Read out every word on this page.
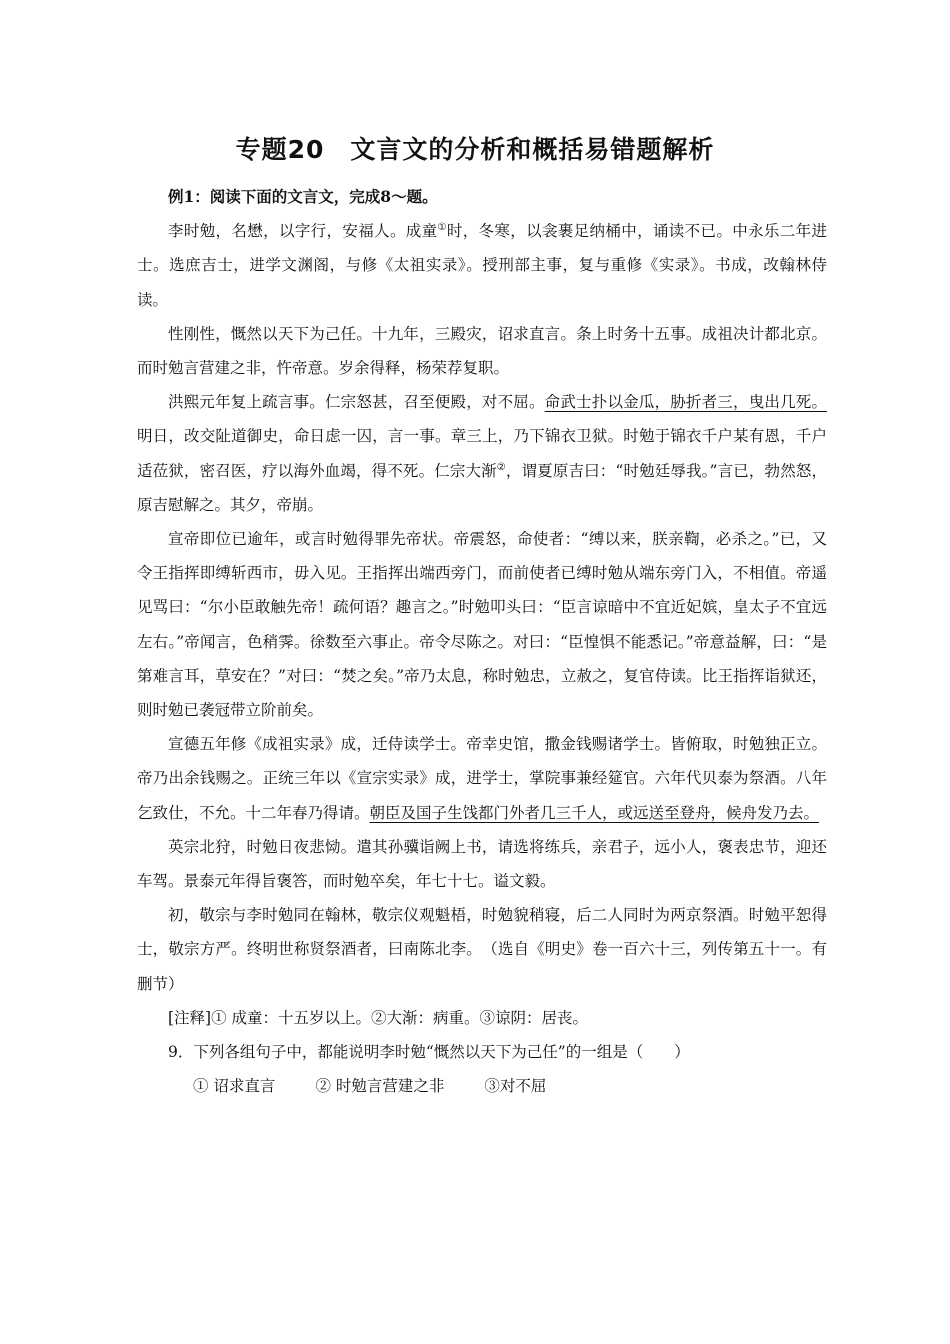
专题20　文言文的分析和概括易错题解析

例1：阅读下面的文言文，完成8～题。

李时勉，名懋，以字行，安福人。成童①时，冬寒，以衾裹足纳桶中，诵读不已。中永乐二年进士。选庶吉士，进学文渊阁，与修《太祖实录》。授刑部主事，复与重修《实录》。书成，改翰林侍读。

性刚性，慨然以天下为己任。十九年，三殿灾，诏求直言。条上时务十五事。成祖决计都北京。而时勉言营建之非，忤帝意。岁余得释，杨荣荐复职。

洪熙元年复上疏言事。仁宗怒甚，召至便殿，对不屈。命武士扑以金瓜，胁折者三，曳出几死。明日，改交阯道御史，命日虑一囚，言一事。章三上，乃下锦衣卫狱。时勉于锦衣千户某有恩，千户适莅狱，密召医，疗以海外血竭，得不死。仁宗大渐②，谓夏原吉曰：“时勉廷辱我。”言已，勃然怒，原吉慰解之。其夕，帝崩。

宣帝即位已逾年，或言时勉得罪先帝状。帝震怒，命使者：“缚以来，朕亲鞫，必杀之。”已，又令王指挥即缚斩西市，毋入见。王指挥出端西旁门，而前使者已缚时勉从端东旁门入，不相值。帝遥见骂曰：“尔小臣敢触先帝！疏何语？趣言之。”时勉叩头曰：“臣言谅暗中不宜近妃嫔，皇太子不宜远左右。”帝闻言，色稍霁。徐数至六事止。帝令尽陈之。对曰：“臣惶惧不能悉记。”帝意益解，曰：“是第难言耳，草安在？”对曰：“焚之矣。”帝乃太息，称时勉忠，立赦之，复官侍读。比王指挥诣狱还，则时勉已袭冠带立阶前矣。

宣德五年修《成祖实录》成，迁侍读学士。帝幸史馆，撒金钱赐诸学士。皆俯取，时勉独正立。帝乃出余钱赐之。正统三年以《宣宗实录》成，进学士，掌院事兼经筵官。六年代贝泰为祭酒。八年乞致仕，不允。十二年春乃得请。朝臣及国子生饯都门外者几三千人，或远送至登舟，候舟发乃去。

英宗北狩，时勉日夜悲恸。遣其孙骥诣阙上书，请选将练兵，亲君子，远小人，褒表忠节，迎还车驾。景泰元年得旨褒答，而时勉卒矣，年七十七。谥文毅。

初，敬宗与李时勉同在翰林，敬宗仪观魁梧，时勉貌稍寝，后二人同时为两京祭酒。时勉平恕得士，敬宗方严。终明世称贤祭酒者，曰南陈北李。　（选自《明史》卷一百六十三，列传第五十一。有删节）

[注释]① 成童：十五岁以上。②大渐：病重。③谅阴：居丧。

9．下列各组句子中，都能说明李时勉“慨然以天下为己任”的一组是（　　）

① 诏求直言	② 时勉言营建之非	③对不屈
